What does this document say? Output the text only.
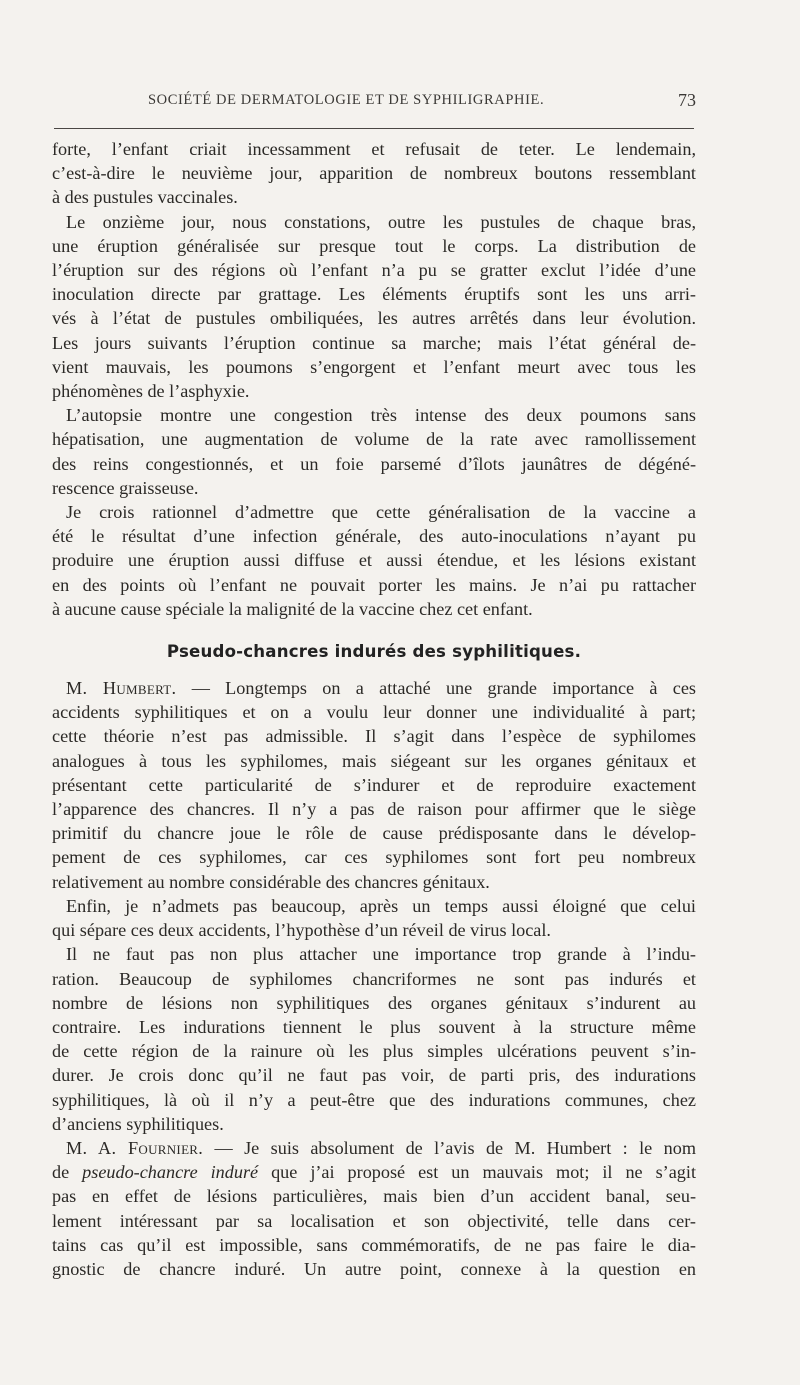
SOCIÉTÉ DE DERMATOLOGIE ET DE SYPHILIGRAPHIE.	73

forte, l’enfant criait incessamment et refusait de teter. Le lendemain,

c’est-à-dire le neuvième jour, apparition de nombreux boutons ressemblant

à des pustules vaccinales.

Le onzième jour, nous constations, outre les pustules de chaque bras,

une éruption généralisée sur presque tout le corps. La distribution de

l’éruption sur des régions où l’enfant n’a pu se gratter exclut l’idée d’une

inoculation directe par grattage. Les éléments éruptifs sont les uns arri-

vés à l’état de pustules ombiliquées, les autres arrêtés dans leur évolution.

Les jours suivants l’éruption continue sa marche; mais l’état général de-

vient mauvais, les poumons s’engorgent et l’enfant meurt avec tous les

phénomènes de l’asphyxie.

L’autopsie montre une congestion très intense des deux poumons sans

hépatisation, une augmentation de volume de la rate avec ramollissement

des reins congestionnés, et un foie parsemé d’îlots jaunâtres de dégéné-

rescence graisseuse.

Je crois rationnel d’admettre que cette généralisation de la vaccine a

été le résultat d’une infection générale, des auto-inoculations n’ayant pu

produire une éruption aussi diffuse et aussi étendue, et les lésions existant

en des points où l’enfant ne pouvait porter les mains. Je n’ai pu rattacher

à aucune cause spéciale la malignité de la vaccine chez cet enfant.

Pseudo-chancres indurés des syphilitiques.

M. Humbert. — Longtemps on a attaché une grande importance à ces

accidents syphilitiques et on a voulu leur donner une individualité à part;

cette théorie n’est pas admissible. Il s’agit dans l’espèce de syphilomes

analogues à tous les syphilomes, mais siégeant sur les organes génitaux et

présentant cette particularité de s’indurer et de reproduire exactement

l’apparence des chancres. Il n’y a pas de raison pour affirmer que le siège

primitif du chancre joue le rôle de cause prédisposante dans le dévelop-

pement de ces syphilomes, car ces syphilomes sont fort peu nombreux

relativement au nombre considérable des chancres génitaux.

Enfin, je n’admets pas beaucoup, après un temps aussi éloigné que celui

qui sépare ces deux accidents, l’hypothèse d’un réveil de virus local.

Il ne faut pas non plus attacher une importance trop grande à l’indu-

ration. Beaucoup de syphilomes chancriformes ne sont pas indurés et

nombre de lésions non syphilitiques des organes génitaux s’indurent au

contraire. Les indurations tiennent le plus souvent à la structure même

de cette région de la rainure où les plus simples ulcérations peuvent s’in-

durer. Je crois donc qu’il ne faut pas voir, de parti pris, des indurations

syphilitiques, là où il n’y a peut-être que des indurations communes, chez

d’anciens syphilitiques.

M. A. Fournier. — Je suis absolument de l’avis de M. Humbert : le nom

de pseudo-chancre induré que j’ai proposé est un mauvais mot; il ne s’agit

pas en effet de lésions particulières, mais bien d’un accident banal, seu-

lement intéressant par sa localisation et son objectivité, telle dans cer-

tains cas qu’il est impossible, sans commémoratifs, de ne pas faire le dia-

gnostic de chancre induré. Un autre point, connexe à la question en
